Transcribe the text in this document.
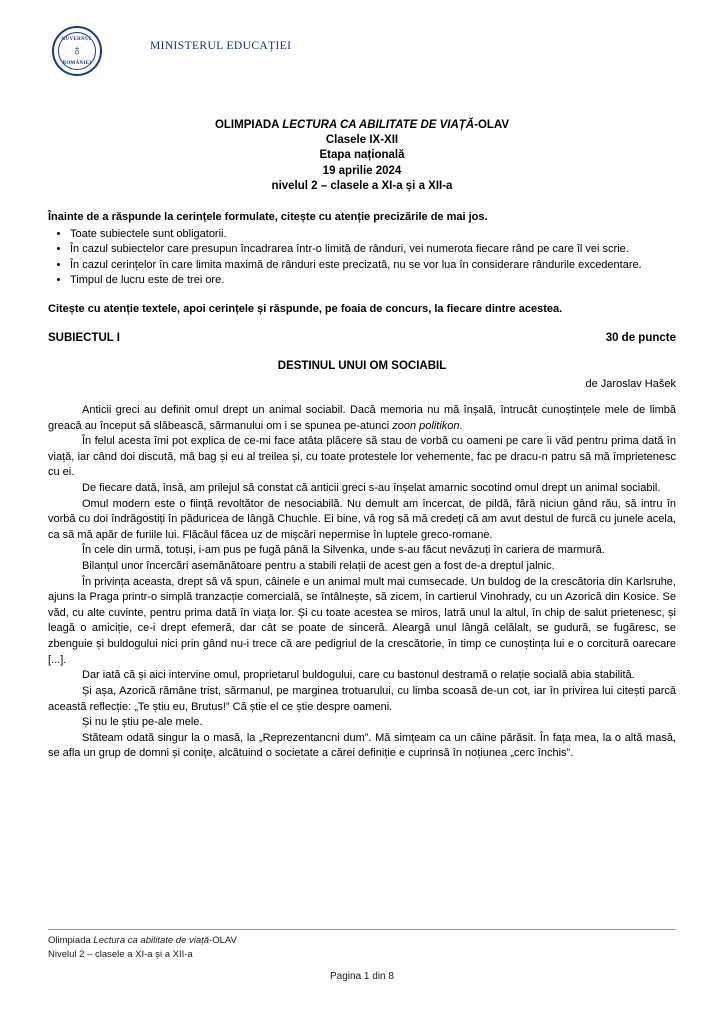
GUVERNUL
♁
ROMÂNIEI
MINISTERUL EDUCAȚIEI
OLIMPIADA LECTURA CA ABILITATE DE VIAȚĂ-OLAV
Clasele IX-XII
Etapa națională
19 aprilie 2024
nivelul 2 – clasele a XI-a și a XII-a
Înainte de a răspunde la cerințele formulate, citește cu atenție precizările de mai jos.
• Toate subiectele sunt obligatorii.
• În cazul subiectelor care presupun încadrarea într-o limită de rânduri, vei numerota fiecare rând pe care îl vei scrie.
• În cazul cerințelor în care limita maximă de rânduri este precizată, nu se vor lua în considerare rândurile excedentare.
• Timpul de lucru este de trei ore.
Citește cu atenție textele, apoi cerințele și răspunde, pe foaia de concurs, la fiecare dintre acestea.
SUBIECTUL I	30 de puncte
DESTINUL UNUI OM SOCIABIL
de Jaroslav Hašek

Anticii greci au definit omul drept un animal sociabil. Dacă memoria nu mă înșală, întrucât cunoștințele mele de limbă greacă au început să slăbească, sărmanului om i se spunea pe-atunci zoon politikon.

În felul acesta îmi pot explica de ce-mi face atâta plăcere să stau de vorbă cu oameni pe care îi văd pentru prima dată în viață, iar când doi discută, mă bag și eu al treilea și, cu toate protestele lor vehemente, fac pe dracu-n patru să mă împrietenesc cu ei.

De fiecare dată, însă, am prilejul să constat că anticii greci s-au înșelat amarnic socotind omul drept un animal sociabil.

Omul modern este o ființă revoltător de nesociabilă. Nu demult am încercat, de pildă, fără niciun gând rău, să intru în vorbă cu doi îndrăgostiți în păduricea de lângă Chuchle. Ei bine, vă rog să mă credeți că am avut destul de furcă cu junele acela, ca să mă apăr de furiile lui. Flăcăul făcea uz de mișcări nepermise în luptele greco-romane.

În cele din urmă, totuși, i-am pus pe fugă până la Silvenka, unde s-au făcut nevăzuți în cariera de marmură.

Bilanțul unor încercări asemănătoare pentru a stabili relații de acest gen a fost de-a dreptul jalnic.

În privința aceasta, drept să vă spun, câinele e un animal mult mai cumsecade. Un buldog de la crescătoria din Karlsruhe, ajuns la Praga printr-o simplă tranzacție comercială, se întâlnește, să zicem, în cartierul Vinohrady, cu un Azorică din Kosice. Se văd, cu alte cuvinte, pentru prima dată în viața lor. Și cu toate acestea se miros, latră unul la altul, în chip de salut prietenesc, și leagă o amiciție, ce-i drept efemeră, dar cât se poate de sinceră. Aleargă unul lângă celălalt, se gudură, se fugăresc, se zbenguie și buldogului nici prin gând nu-i trece că are pedigriul de la crescătorie, în timp ce cunoștința lui e o corcitură oarecare [...].

Dar iată că și aici intervine omul, proprietarul buldogului, care cu bastonul destramă o relație socială abia stabilită.

Și așa, Azorică rămâne trist, sărmanul, pe marginea trotuarului, cu limba scoasă de-un cot, iar în privirea lui citești parcă această reflecție: „Te știu eu, Brutus!” Că știe el ce știe despre oameni.

Și nu le știu pe-ale mele.

Stăteam odată singur la o masă, la „Reprezentancni dum”. Mă simțeam ca un câine părăsit. În fața mea, la o altă masă, se afla un grup de domni și conițe, alcătuind o societate a cărei definiție e cuprinsă în noțiunea „cerc închis”.

Olimpiada Lectura ca abilitate de viață-OLAV
Nivelul 2 – clasele a XI-a și a XII-a
Pagina 1 din 8
